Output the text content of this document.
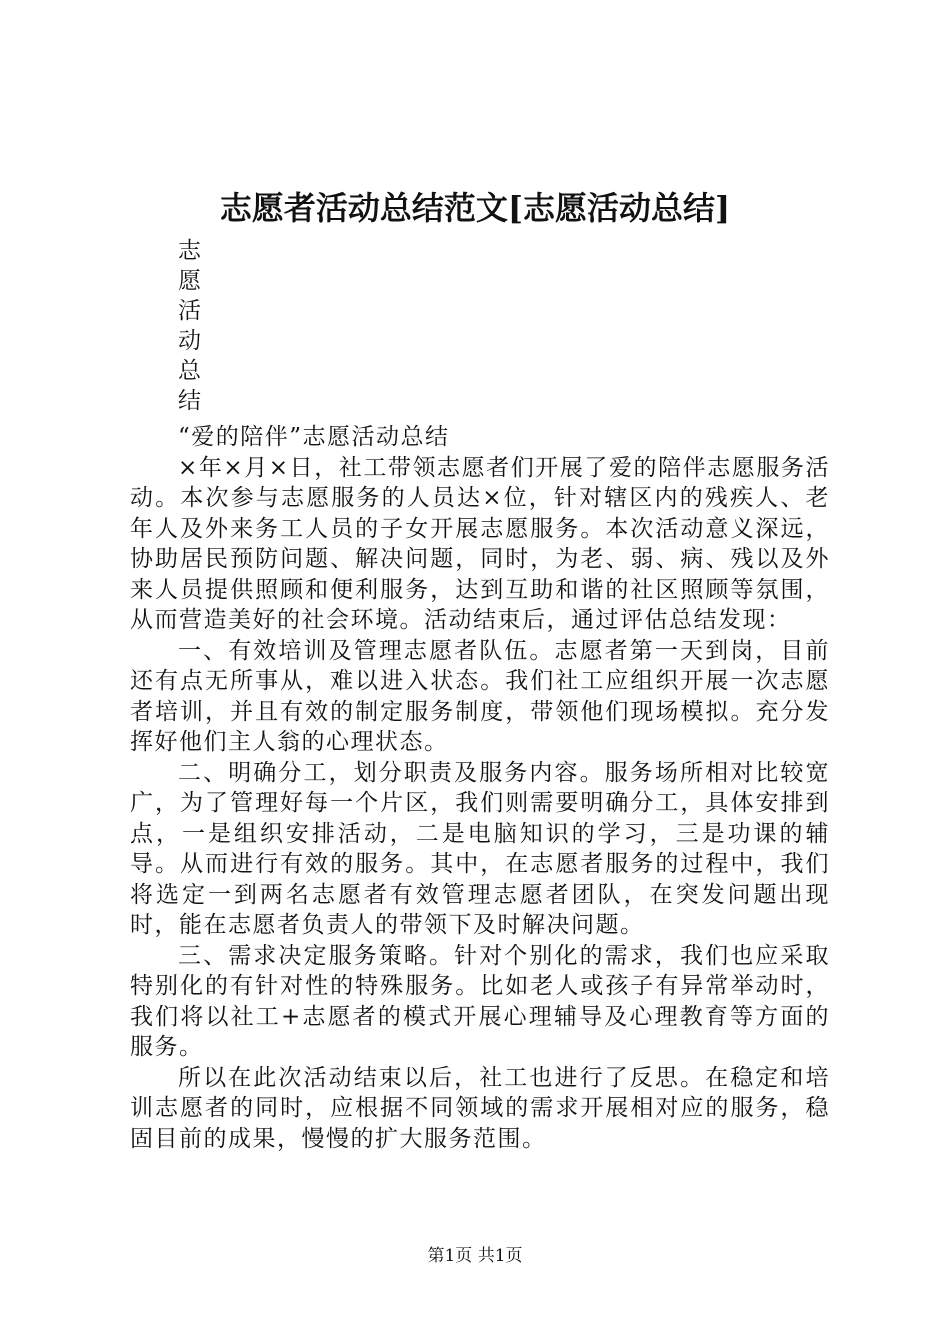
志愿者活动总结范文[志愿活动总结]
志
愿
活
动
总
结

“爱的陪伴”志愿活动总结

×年×月×日，社工带领志愿者们开展了爱的陪伴志愿服务活动。本次参与志愿服务的人员达×位，针对辖区内的残疾人、老年人及外来务工人员的子女开展志愿服务。本次活动意义深远，协助居民预防问题、解决问题，同时，为老、弱、病、残以及外来人员提供照顾和便利服务，达到互助和谐的社区照顾等氛围，从而营造美好的社会环境。活动结束后，通过评估总结发现：

一、有效培训及管理志愿者队伍。志愿者第一天到岗，目前还有点无所事从，难以进入状态。我们社工应组织开展一次志愿者培训，并且有效的制定服务制度，带领他们现场模拟。充分发挥好他们主人翁的心理状态。

二、明确分工，划分职责及服务内容。服务场所相对比较宽广，为了管理好每一个片区，我们则需要明确分工，具体安排到点，一是组织安排活动，二是电脑知识的学习，三是功课的辅导。从而进行有效的服务。其中，在志愿者服务的过程中，我们将选定一到两名志愿者有效管理志愿者团队，在突发问题出现时，能在志愿者负责人的带领下及时解决问题。

三、需求决定服务策略。针对个别化的需求，我们也应采取特别化的有针对性的特殊服务。比如老人或孩子有异常举动时，我们将以社工+志愿者的模式开展心理辅导及心理教育等方面的服务。

所以在此次活动结束以后，社工也进行了反思。在稳定和培训志愿者的同时，应根据不同领域的需求开展相对应的服务，稳固目前的成果，慢慢的扩大服务范围。

第1页 共1页
